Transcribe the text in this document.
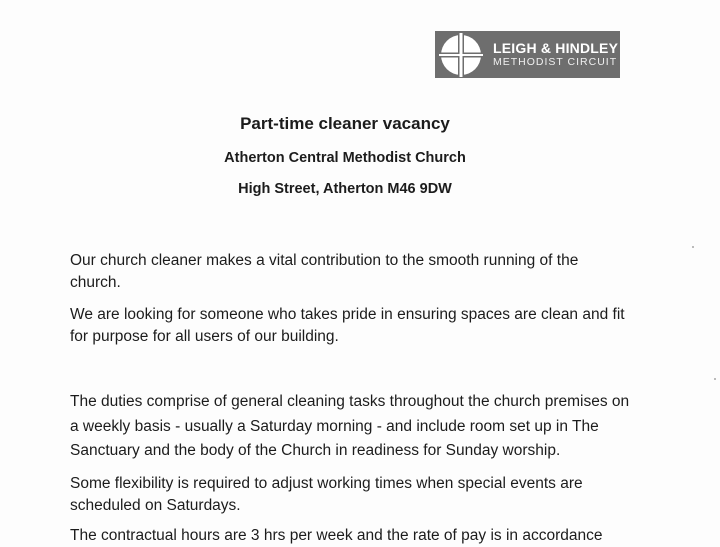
LEIGH & HINDLEY
METHODIST CIRCUIT
Part-time cleaner vacancy
Atherton Central Methodist Church
High Street, Atherton M46 9DW

Our church cleaner makes a vital contribution to the smooth running of the church.

We are looking for someone who takes pride in ensuring spaces are clean and fit for purpose for all users of our building.

The duties comprise of general cleaning tasks throughout the church premises on a weekly basis - usually a Saturday morning - and include room set up in The Sanctuary and the body of the Church in readiness for Sunday worship.

Some flexibility is required to adjust working times when special events are scheduled on Saturdays.

The contractual hours are 3 hrs per week and the rate of pay is in accordance
